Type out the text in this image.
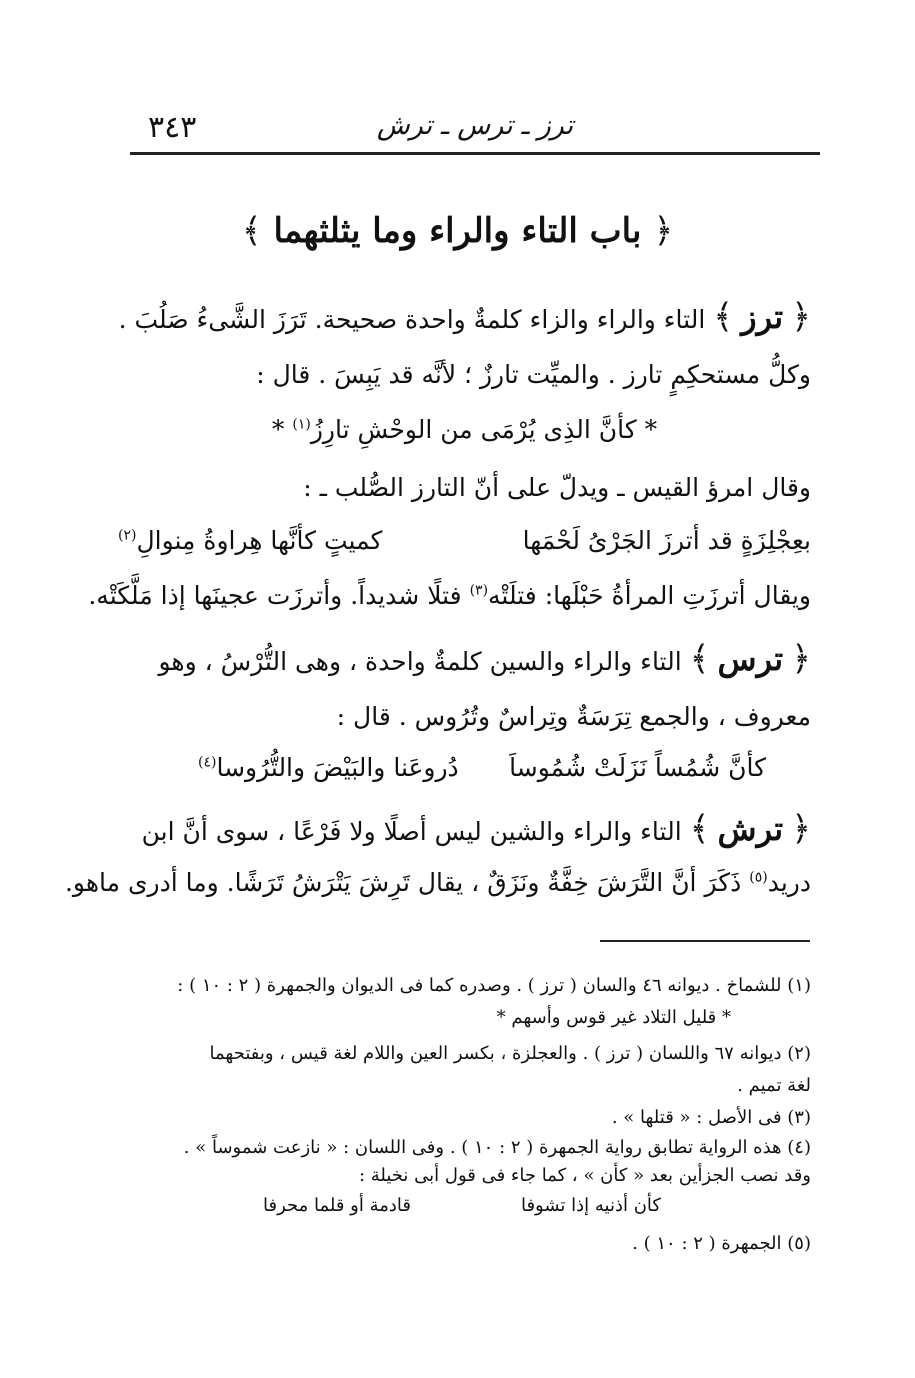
٣٤٣	ترز ـ ترس ـ ترش
﴿ باب التاء والراء وما يثلثهما ﴾
﴿ ترز ﴾ التاء والراء والزاء كلمةٌ واحدة صحيحة. تَرَزَ الشَّىءُ صَلُبَ .
وكلُّ مستحكِمٍ تارز . والميِّت تارزٌ ؛ لأنَّه قد يَبِسَ . قال :
* كأنَّ الذِى يُرْمَى من الوحْشِ تارِزُ$^{(١)}$ *
وقال امرؤ القيس ـ ويدلّ على أنّ التارز الصُّلب ـ :
بعِجْلِزَةٍ قد أترزَ الجَرْىُ لَحْمَها
كميتٍ كأنَّها هِراوةُ مِنوالِ$^{(٢)}$
ويقال أترزَتِ المرأةُ حَبْلَها: فتلَتْه$^{(٣)}$ فتلًا شديداً. وأترزَت عجينَها إذا مَلَّكَتْه.
﴿ ترس ﴾ التاء والراء والسين كلمةٌ واحدة ، وهى التُّرْسُ ، وهو
معروف ، والجمع تِرَسَةٌ وتِراسٌ وتُرُوس . قال :
كأنَّ شُمُساً نَزَلَتْ شُمُوساَ
دُروعَنا والبَيْضَ والتُّرُوسا$^{(٤)}$
﴿ ترش ﴾ التاء والراء والشين ليس أصلًا ولا فَرْعًا ، سوى أنَّ ابن
دريد$^{(٥)}$ ذَكَرَ أنَّ التَّرَشَ خِفَّةٌ ونَزَقٌ ، يقال تَرِشَ يَتْرَشُ تَرَشًا. وما أدرى ماهو.
(١) للشماخ . ديوانه ٤٦ والسان ( ترز ) . وصدره كما فى الديوان والجمهرة ( ٢ : ١٠ ) :
* قليل التلاد غير قوس وأسهم *
(٢) ديوانه ٦٧ واللسان ( ترز ) . والعجلزة ، بكسر العين واللام لغة قيس ، وبفتحهما
لغة تميم .
(٣) فى الأصل : « قتلها » .
(٤) هذه الرواية تطابق رواية الجمهرة ( ٢ : ١٠ ) . وفى اللسان : « نازعت شموساً » .
وقد نصب الجزأين بعد « كأن » ، كما جاء فى قول أبى نخيلة :
كأن أذنيه إذا تشوفا
قادمة أو قلما محرفا
(٥) الجمهرة ( ٢ : ١٠ ) .
